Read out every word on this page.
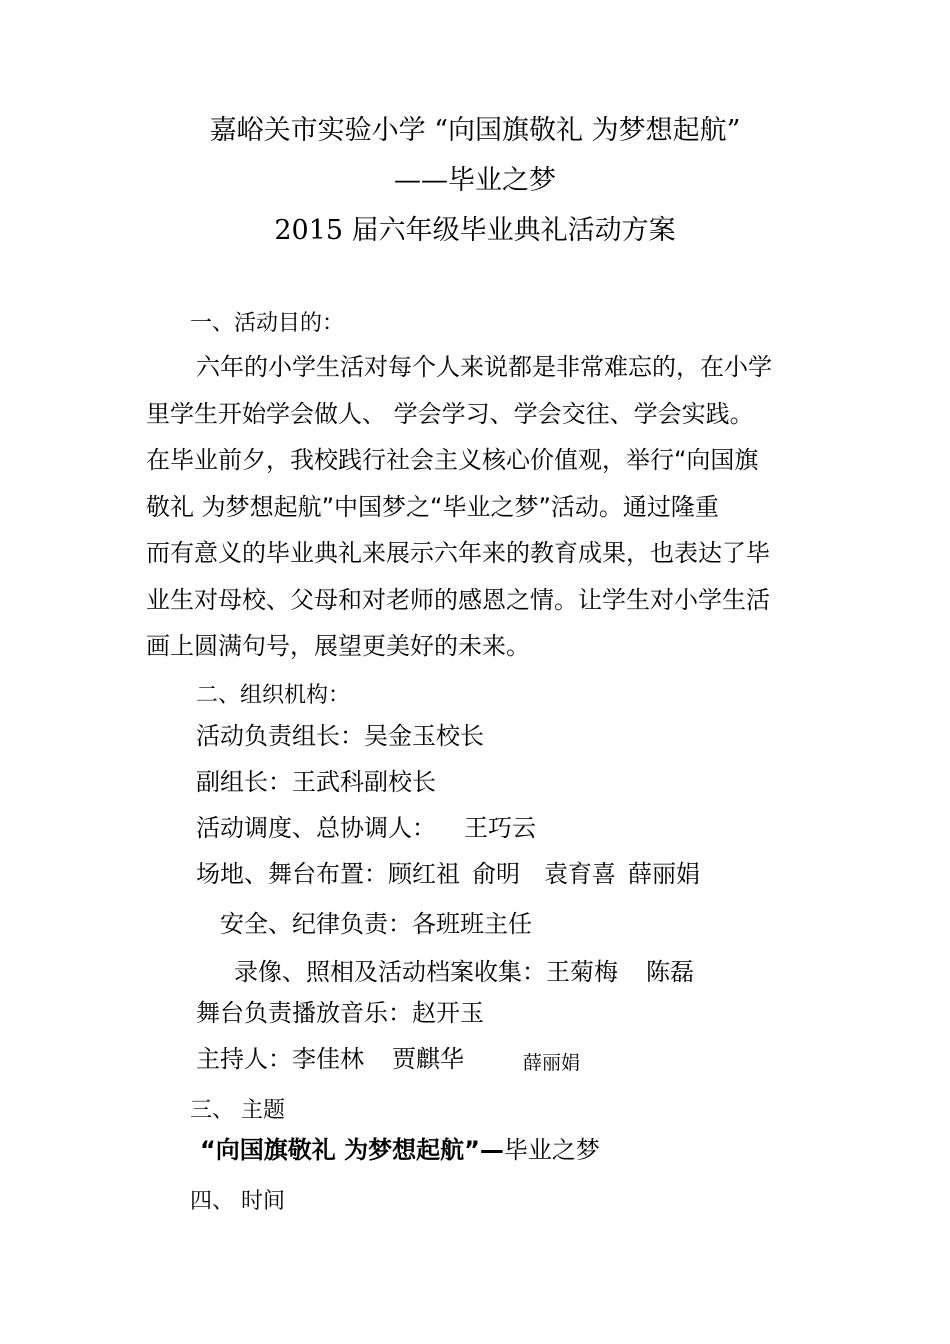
嘉峪关市实验小学 “向国旗敬礼 为梦想起航”
——毕业之梦
2015 届六年级毕业典礼活动方案
一、活动目的：
六年的小学生活对每个人来说都是非常难忘的，在小学
里学生开始学会做人、 学会学习、学会交往、学会实践。
在毕业前夕，我校践行社会主义核心价值观，举行“向国旗
敬礼 为梦想起航”中国梦之“毕业之梦”活动。通过隆重
而有意义的毕业典礼来展示六年来的教育成果，也表达了毕
业生对母校、父母和对老师的感恩之情。让学生对小学生活
画上圆满句号，展望更美好的未来。
二、组织机构：
活动负责组长：吴金玉校长
副组长：王武科副校长
活动调度、总协调人： 王巧云
场地、舞台布置：顾红祖 俞明 袁育喜 薛丽娟
安全、纪律负责：各班班主任
录像、照相及活动档案收集：王菊梅 陈磊
舞台负责播放音乐：赵开玉
主持人：李佳林 贾麒华	薛丽娟
三、 主题
“向国旗敬礼 为梦想起航”—毕业之梦
四、 时间
